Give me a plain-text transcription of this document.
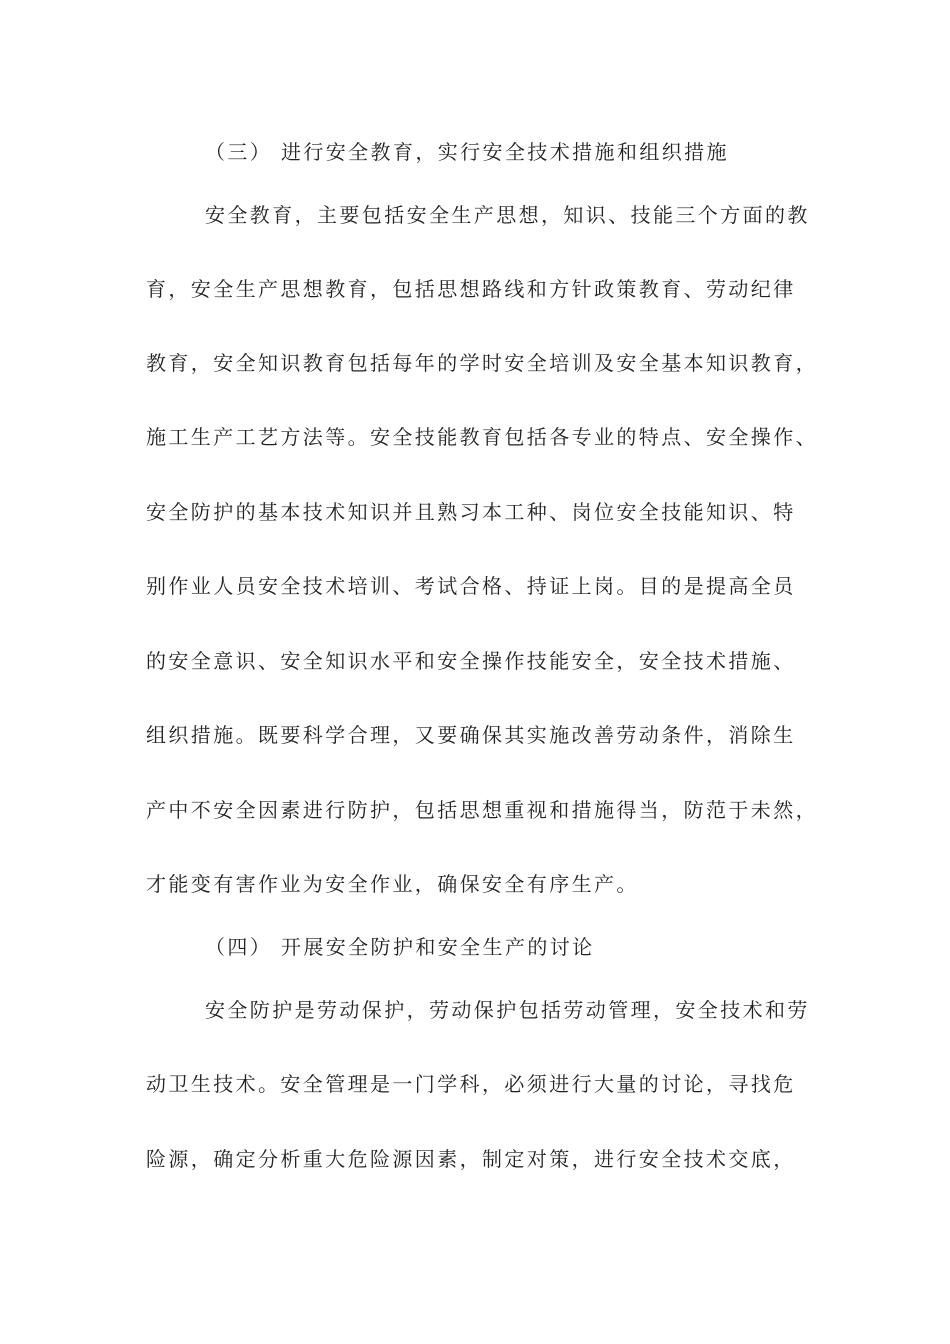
（三） 进行安全教育，实行安全技术措施和组织措施
安全教育，主要包括安全生产思想，知识、技能三个方面的教
育，安全生产思想教育，包括思想路线和方针政策教育、劳动纪律
教育，安全知识教育包括每年的学时安全培训及安全基本知识教育，
施工生产工艺方法等。安全技能教育包括各专业的特点、安全操作、
安全防护的基本技术知识并且熟习本工种、岗位安全技能知识、特
别作业人员安全技术培训、考试合格、持证上岗。目的是提高全员
的安全意识、安全知识水平和安全操作技能安全，安全技术措施、
组织措施。既要科学合理，又要确保其实施改善劳动条件，消除生
产中不安全因素进行防护，包括思想重视和措施得当，防范于未然，
才能变有害作业为安全作业，确保安全有序生产。
（四） 开展安全防护和安全生产的讨论
安全防护是劳动保护，劳动保护包括劳动管理，安全技术和劳
动卫生技术。安全管理是一门学科，必须进行大量的讨论，寻找危
险源，确定分析重大危险源因素，制定对策，进行安全技术交底，
